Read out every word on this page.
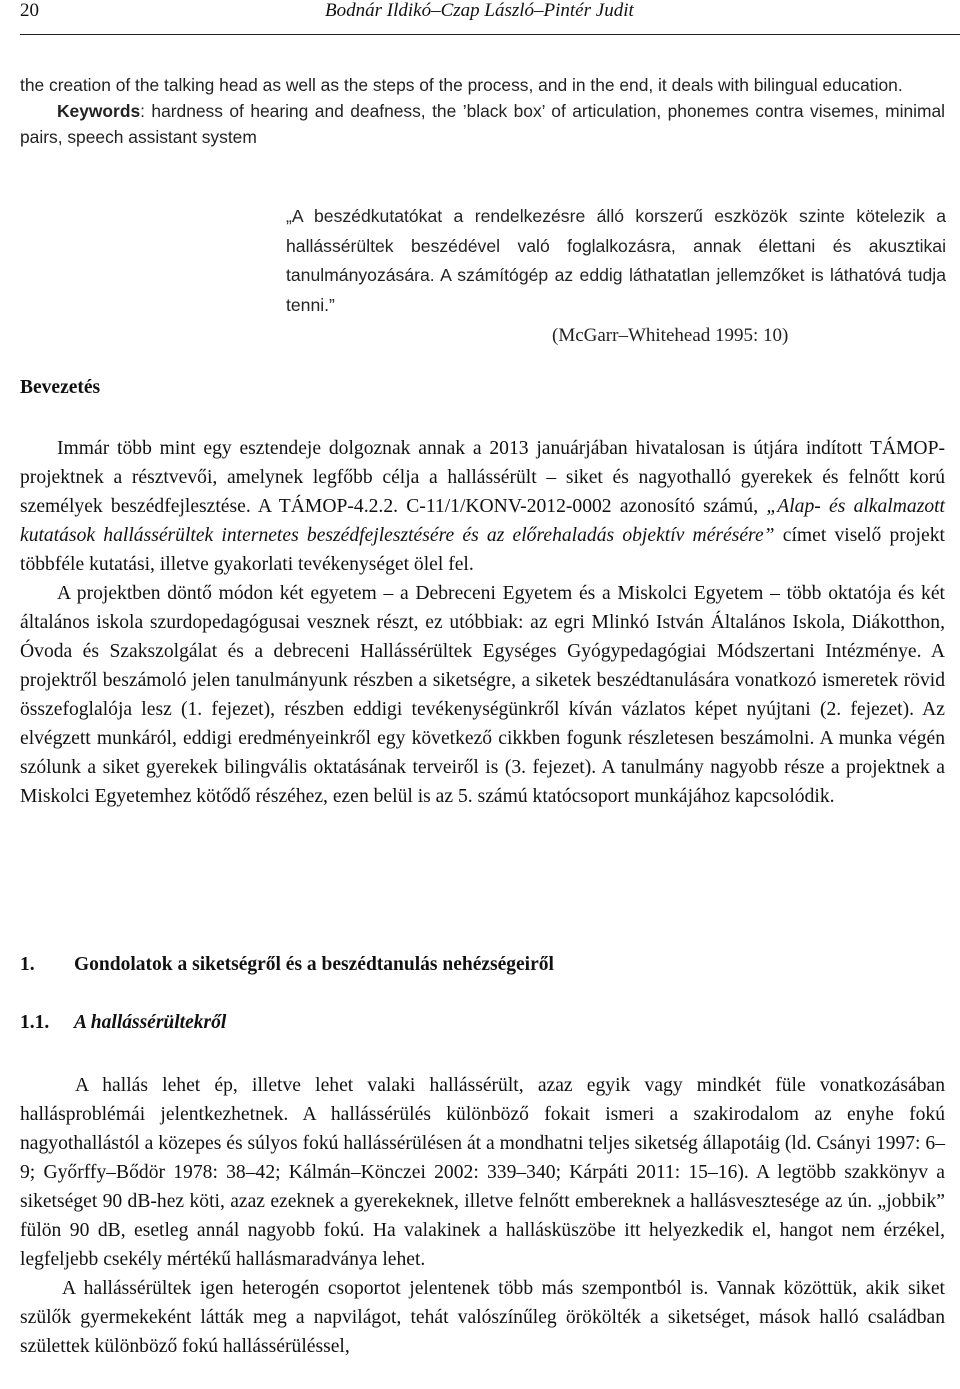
20	Bodnár Ildikó–Czap László–Pintér Judit

the creation of the talking head as well as the steps of the process, and in the end, it deals with bilingual education.

Keywords: hardness of hearing and deafness, the ’black box’ of articulation, phonemes contra visemes, minimal pairs, speech assistant system

„A beszédkutatókat a rendelkezésre álló korszerű eszközök szinte kötelezik a hallássérültek beszédével való foglalkozásra, annak élettani és akusztikai tanulmányozására. A számítógép az eddig láthatatlan jellemzőket is láthatóvá tudja tenni.”
(McGarr–Whitehead 1995: 10)
Bevezetés

Immár több mint egy esztendeje dolgoznak annak a 2013 januárjában hivatalosan is útjára indított TÁMOP-projektnek a résztvevői, amelynek legfőbb célja a hallássérült – siket és nagyothalló gyerekek és felnőtt korú személyek beszédfejlesztése. A TÁMOP-4.2.2. C-11/1/KONV-2012-0002 azonosító számú, „Alap- és alkalmazott kutatások hallássérültek internetes beszédfejlesztésére és az előrehaladás objektív mérésére” címet viselő projekt többféle kutatási, illetve gyakorlati tevékenységet ölel fel.

A projektben döntő módon két egyetem – a Debreceni Egyetem és a Miskolci Egyetem – több oktatója és két általános iskola szurdopedagógusai vesznek részt, ez utóbbiak: az egri Mlinkó István Általános Iskola, Diákotthon, Óvoda és Szakszolgálat és a debreceni Hallássérültek Egységes Gyógypedagógiai Módszertani Intézménye. A projektről beszámoló jelen tanulmányunk részben a siketségre, a siketek beszédtanulására vonatkozó ismeretek rövid összefoglalója lesz (1. fejezet), részben eddigi tevékenységünkről kíván vázlatos képet nyújtani (2. fejezet). Az elvégzett munkáról, eddigi eredményeinkről egy következő cikkben fogunk részletesen beszámolni. A munka végén szólunk a siket gyerekek bilingvális oktatásának terveiről is (3. fejezet). A tanulmány nagyobb része a projektnek a Miskolci Egyetemhez kötődő részéhez, ezen belül is az 5. számú ktatócsoport munkájához kapcsolódik.

1. Gondolatok a siketségről és a beszédtanulás nehézségeiről
1.1. A hallássérültekről

A hallás lehet ép, illetve lehet valaki hallássérült, azaz egyik vagy mindkét füle vonatkozásában hallásproblémái jelentkezhetnek. A hallássérülés különböző fokait ismeri a szakirodalom az enyhe fokú nagyothallástól a közepes és súlyos fokú hallássérülésen át a mondhatni teljes siketség állapotáig (ld. Csányi 1997: 6–9; Győrffy–Bődör 1978: 38–42; Kálmán–Könczei 2002: 339–340; Kárpáti 2011: 15–16). A legtöbb szakkönyv a siketséget 90 dB-hez köti, azaz ezeknek a gyerekeknek, illetve felnőtt embereknek a hallásvesztesége az ún. „jobbik” fülön 90 dB, esetleg annál nagyobb fokú. Ha valakinek a hallásküszöbe itt helyezkedik el, hangot nem érzékel, legfeljebb csekély mértékű hallásmaradványa lehet.

A hallássérültek igen heterogén csoportot jelentenek több más szempontból is. Vannak közöttük, akik siket szülők gyermekeként látták meg a napvilágot, tehát valószínűleg örökölték a siketséget, mások halló családban születtek különböző fokú hallássérüléssel,
